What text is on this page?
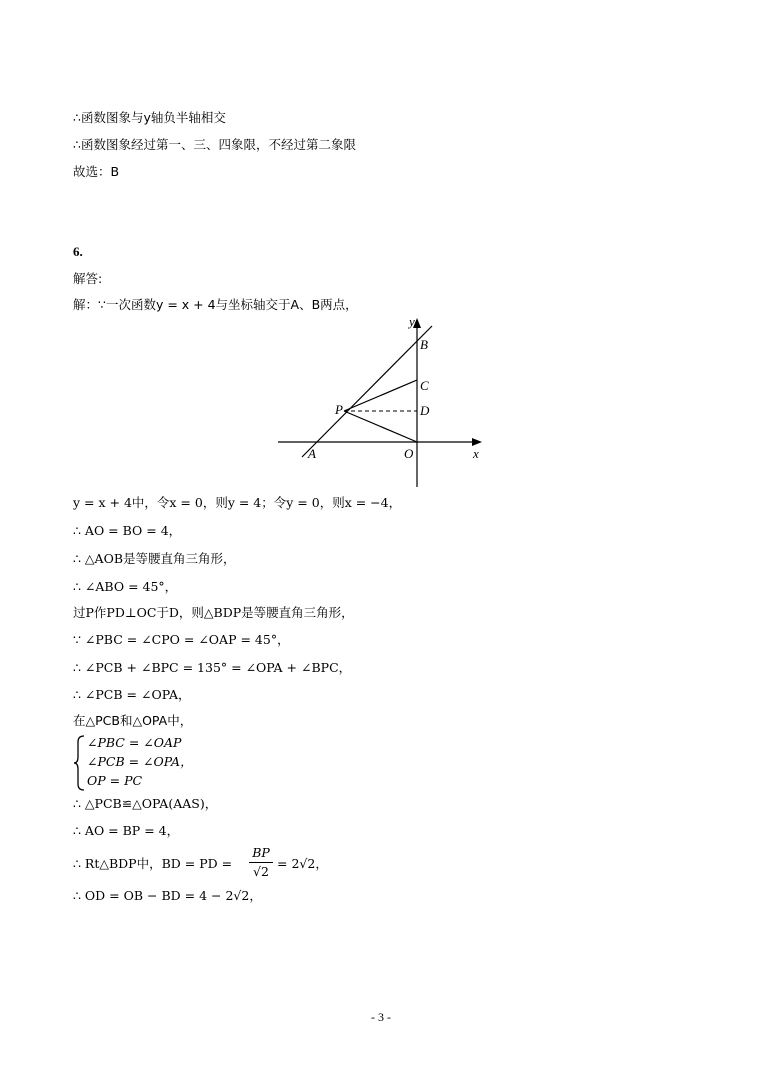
∴函数图象与y轴负半轴相交
∴函数图象经过第一、三、四象限，不经过第二象限
故选：B
6.
解答:
解：∵一次函数y = x + 4与坐标轴交于A、B两点，
y
x
B
C
D
P
A	O
y = x + 4中，令x = 0，则y = 4；令y = 0，则x = −4，
∴ AO = BO = 4，
∴ △AOB是等腰直角三角形，
∴ ∠ABO = 45°，
过P作PD⊥OC于D，则△BDP是等腰直角三角形，
∵ ∠PBC = ∠CPO = ∠OAP = 45°，
∴ ∠PCB + ∠BPC = 135° = ∠OPA + ∠BPC，
∴ ∠PCB = ∠OPA，
在△PCB和△OPA中，
∠PBC = ∠OAP
∠PCB = ∠OPA，
OP = PC
∴ △PCB≌△OPA(AAS)，
∴ AO = BP = 4，
∴ Rt△BDP中，BD = PD =
BP
√2
= 2√2，
∴ OD = OB − BD = 4 − 2√2，
- 3 -
